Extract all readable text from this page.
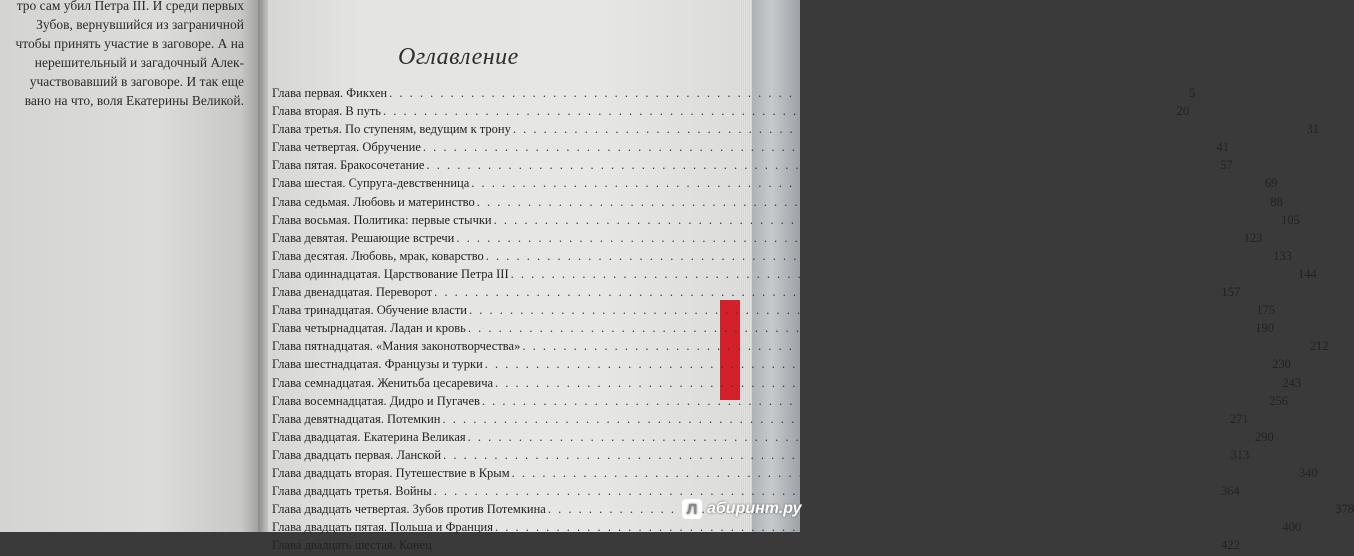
тро сам убил Петра III. И среди первых
Зубов, вернувшийся из заграничной
чтобы принять участие в заговоре. А на
нерешительный и загадочный Алек-
участвовавший в заговоре. И так еще
вано на что, воля Екатерины Великой.
Оглавление
Глава первая. Фикхен . . .	5
Глава вторая. В путь . . .	20
Глава третья. По ступеням, ведущим к трону . . .	31
Глава четвертая. Обручение . . .	41
Глава пятая. Бракосочетание . . .	57
Глава шестая. Супруга-девственница . . .	69
Глава седьмая. Любовь и материнство . . .	88
Глава восьмая. Политика: первые стычки . . .	105
Глава девятая. Решающие встречи . . .	123
Глава десятая. Любовь, мрак, коварство . . .	133
Глава одиннадцатая. Царствование Петра III . . .	144
Глава двенадцатая. Переворот . . .	157
Глава тринадцатая. Обучение власти . . .	175
Глава четырнадцатая. Ладан и кровь . . .	190
Глава пятнадцатая. «Мания законотворчества» . . .	212
Глава шестнадцатая. Французы и турки . . .	230
Глава семнадцатая. Женитьба цесаревича . . .	243
Глава восемнадцатая. Дидро и Пугачев . . .	256
Глава девятнадцатая. Потемкин . . .	271
Глава двадцатая. Екатерина Великая . . .	290
Глава двадцать первая. Ланской . . .	313
Глава двадцать вторая. Путешествие в Крым . . .	340
Глава двадцать третья. Войны . . .	364
Глава двадцать четвертая. Зубов против Потемкина . . .	378
Глава двадцать пятая. Польша и Франция . . .	400
Глава двадцать шестая. Конец . . .	422
Л абиринт.ру
